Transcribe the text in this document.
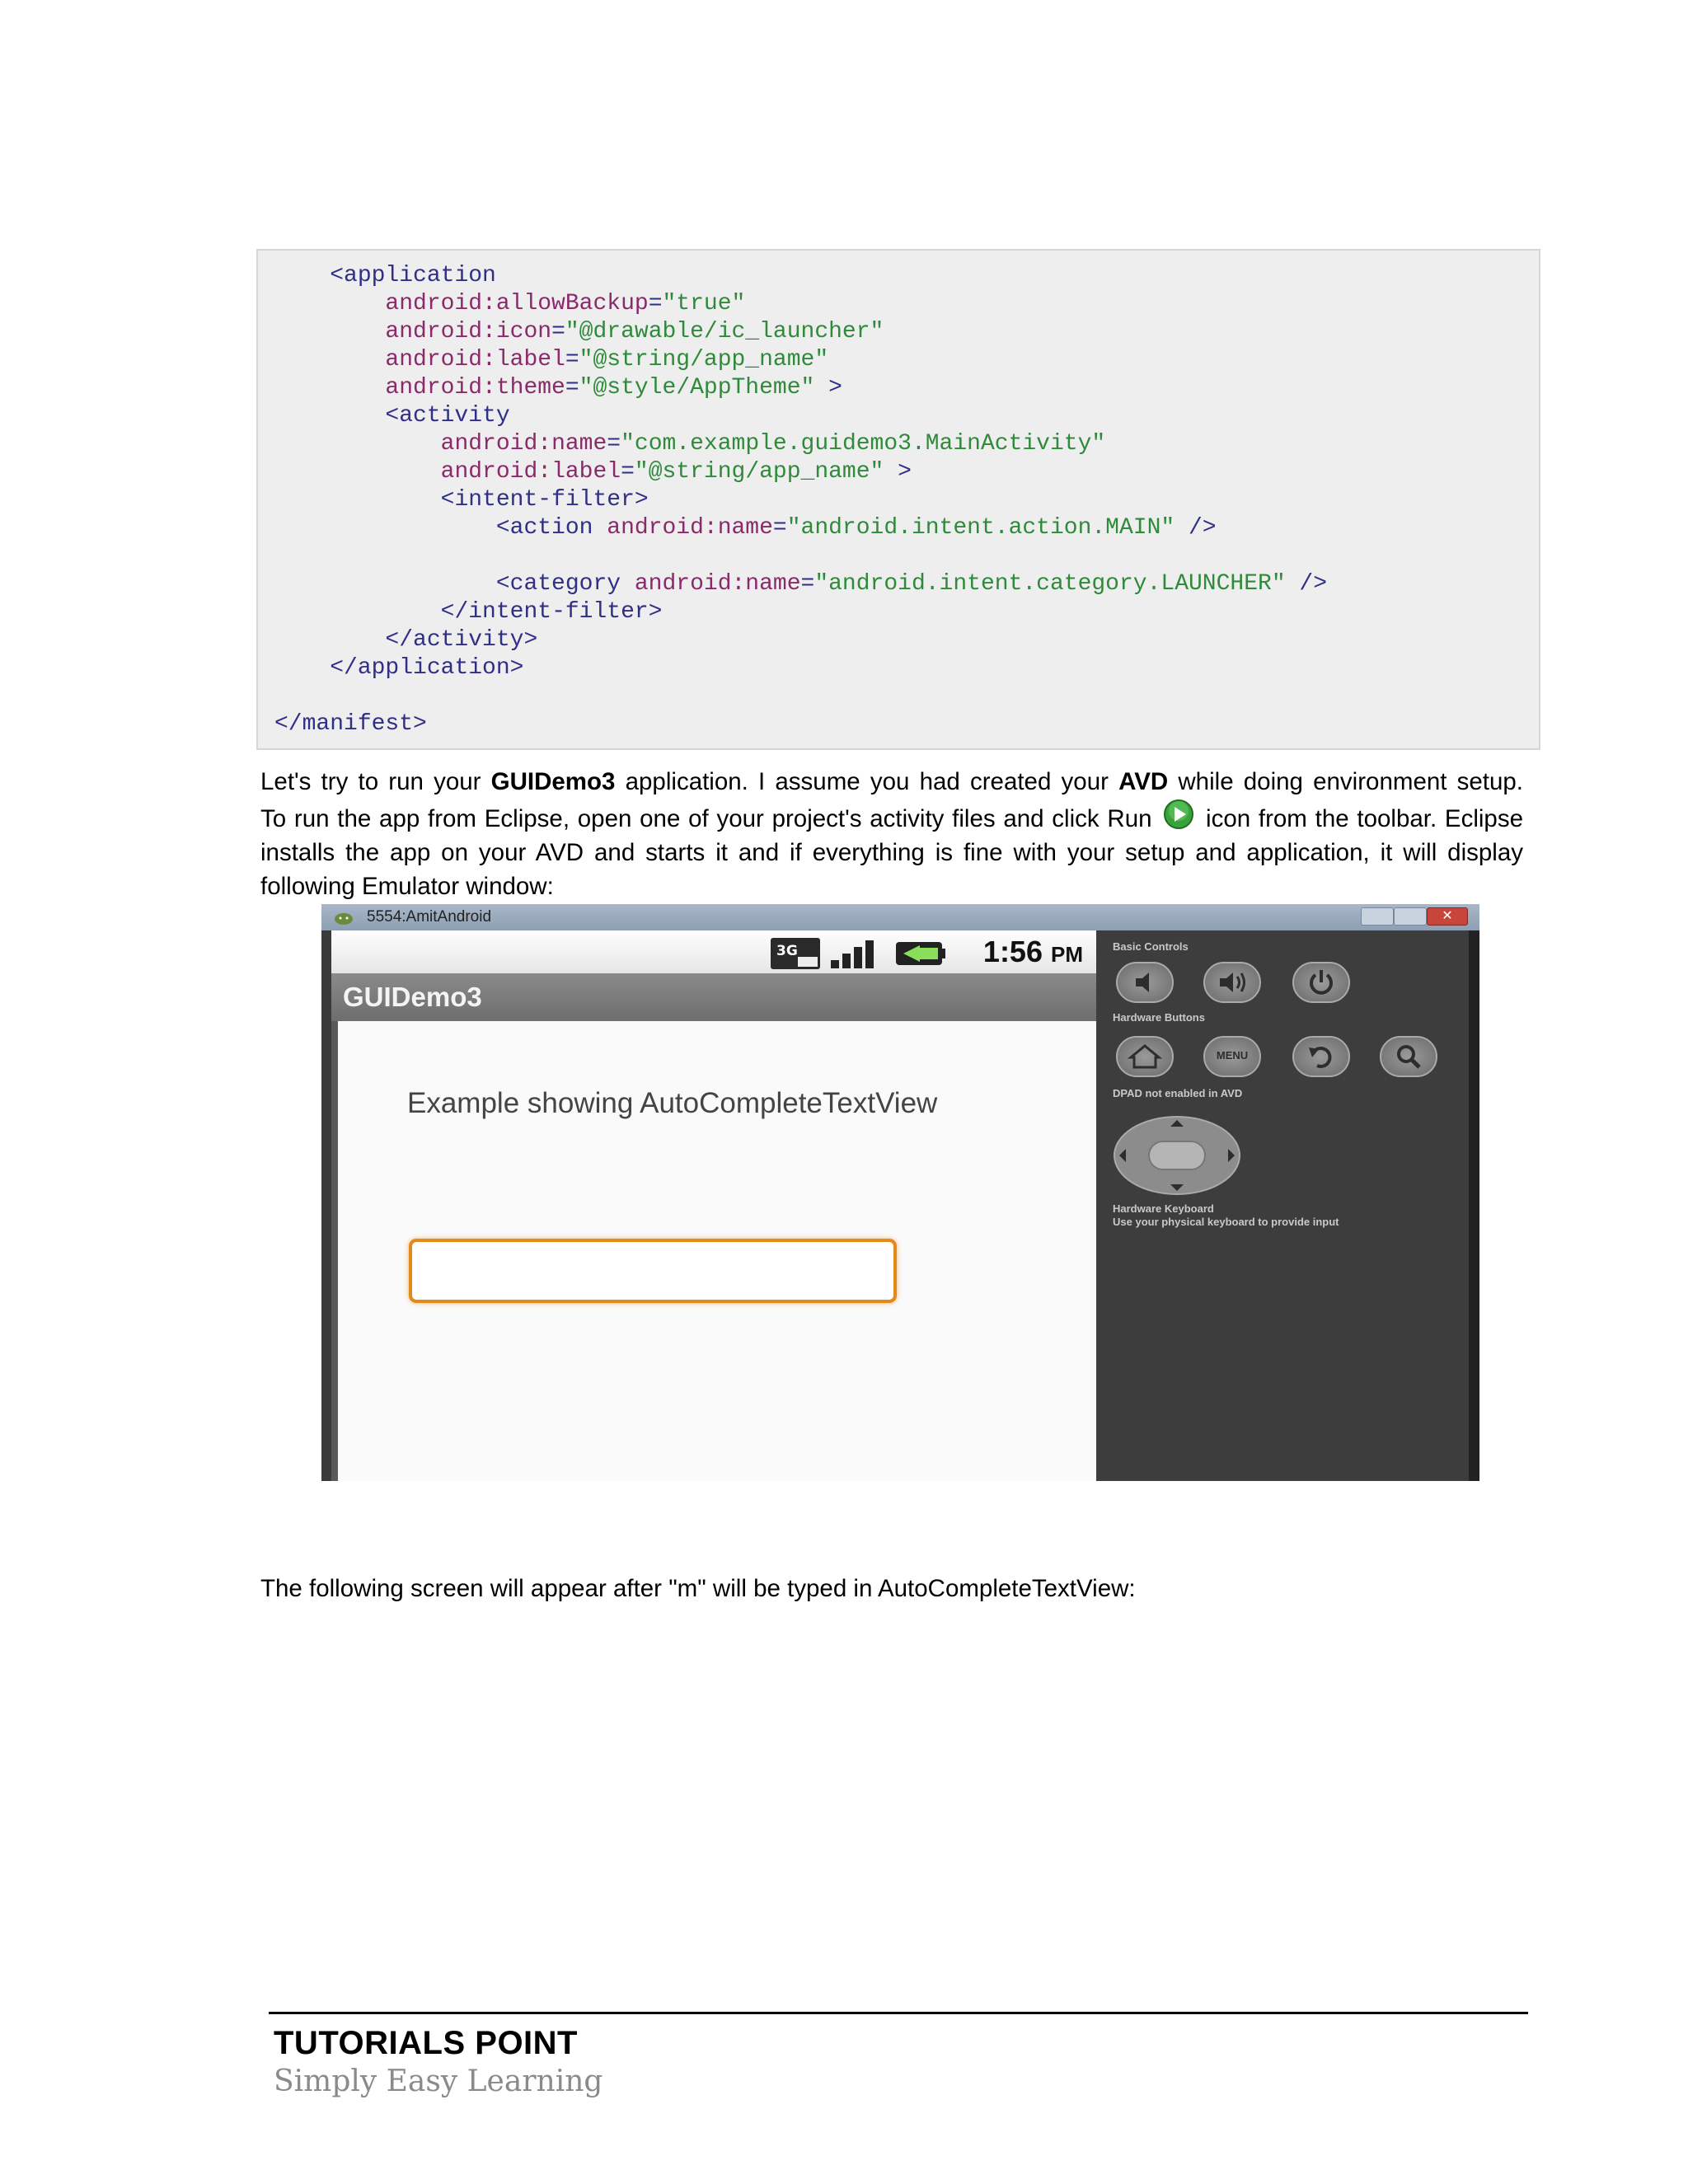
<application
android:allowBackup="true"
android:icon="@drawable/ic_launcher"
android:label="@string/app_name"
android:theme="@style/AppTheme" >
<activity
android:name="com.example.guidemo3.MainActivity"
android:label="@string/app_name" >
<intent-filter>
<action android:name="android.intent.action.MAIN" />
<category android:name="android.intent.category.LAUNCHER" />
</intent-filter>
</activity>
</application>
</manifest>
Let's try to run your GUIDemo3 application. I assume you had created your AVD while doing environment setup.
To run the app from Eclipse, open one of your project's activity files and click Run  icon from the toolbar. Eclipse
installs the app on your AVD and starts it and if everything is fine with your setup and application, it will display
following Emulator window:
5554:AmitAndroid	✕
3G	1:56 PM
GUIDemo3
Example showing AutoCompleteTextView
Basic Controls
Hardware Buttons
MENU
DPAD not enabled in AVD
Hardware Keyboard
Use your physical keyboard to provide input
The following screen will appear after "m" will be typed in AutoCompleteTextView:
TUTORIALS POINT
Simply Easy Learning
